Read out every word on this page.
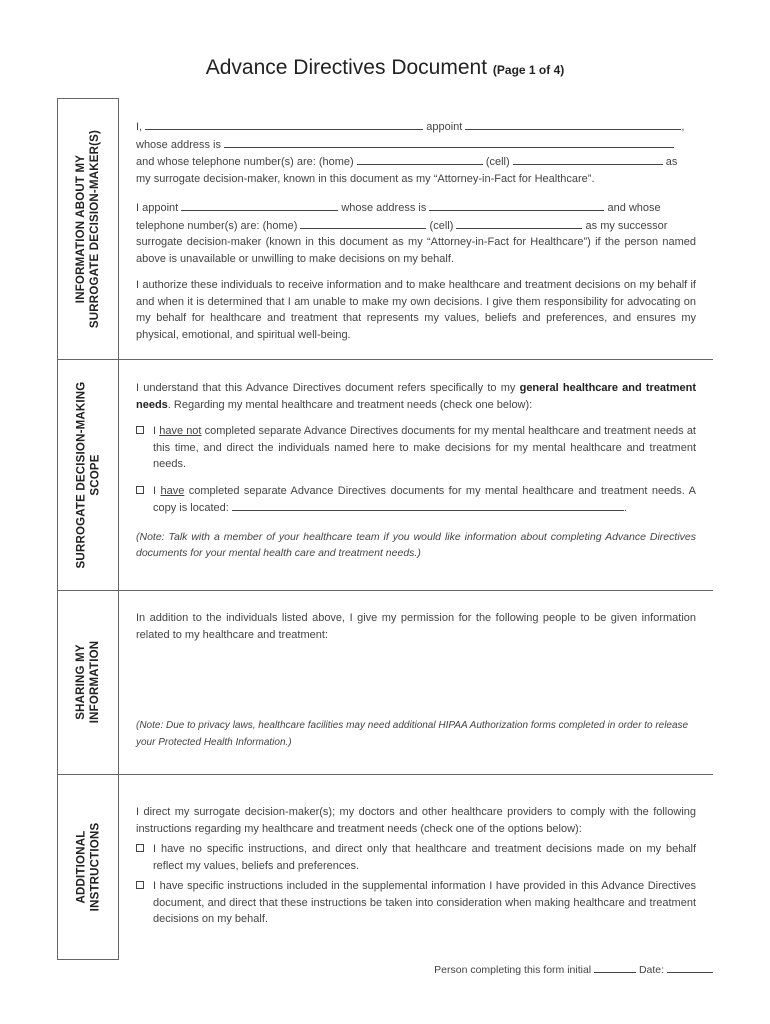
Advance Directives Document (Page 1 of 4)
INFORMATION ABOUT MY SURROGATE DECISION-MAKER(S)
SURROGATE DECISION-MAKING SCOPE
SHARING MY INFORMATION
ADDITIONAL INSTRUCTIONS
I,	appoint	,
whose address is
and whose telephone number(s) are: (home)	(cell)	as
my surrogate decision-maker, known in this document as my “Attorney-in-Fact for Healthcare”.
I appoint	whose address is	and whose
telephone number(s) are: (home)	(cell)	as my successor
surrogate decision-maker (known in this document as my “Attorney-in-Fact for Healthcare”) if the person named above is unavailable or unwilling to make decisions on my behalf.
I authorize these individuals to receive information and to make healthcare and treatment decisions on my behalf if and when it is determined that I am unable to make my own decisions. I give them responsibility for advocating on my behalf for healthcare and treatment that represents my values, beliefs and preferences, and ensures my physical, emotional, and spiritual well-being.
I understand that this Advance Directives document refers specifically to my general healthcare and treatment needs. Regarding my mental healthcare and treatment needs (check one below):
I have not completed separate Advance Directives documents for my mental healthcare and treatment needs at this time, and direct the individuals named here to make decisions for my mental healthcare and treatment needs.
I have completed separate Advance Directives documents for my mental healthcare and treatment needs. A copy is located:	.
(Note: Talk with a member of your healthcare team if you would like information about completing Advance Directives documents for your mental health care and treatment needs.)
In addition to the individuals listed above, I give my permission for the following people to be given information related to my healthcare and treatment:
(Note: Due to privacy laws, healthcare facilities may need additional HIPAA Authorization forms completed in order to release your Protected Health Information.)
I direct my surrogate decision-maker(s); my doctors and other healthcare providers to comply with the following instructions regarding my healthcare and treatment needs (check one of the options below):
I have no specific instructions, and direct only that healthcare and treatment decisions made on my behalf reflect my values, beliefs and preferences.
I have specific instructions included in the supplemental information I have provided in this Advance Directives document, and direct that these instructions be taken into consideration when making healthcare and treatment decisions on my behalf.
Person completing this form initial	Date:
